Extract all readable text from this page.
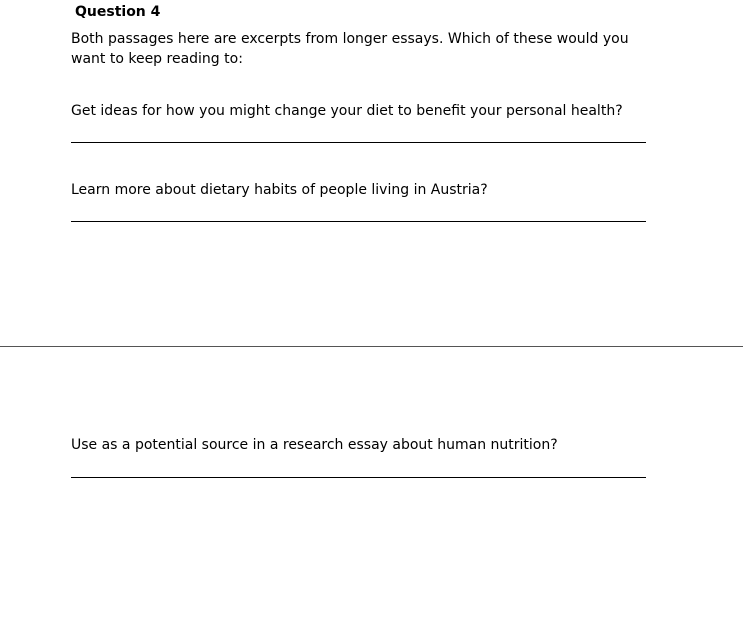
Question 4
Both passages here are excerpts from longer essays. Which of these would you want to keep reading to:
Get ideas for how you might change your diet to benefit your personal health?
Learn more about dietary habits of people living in Austria?
Use as a potential source in a research essay about human nutrition?
